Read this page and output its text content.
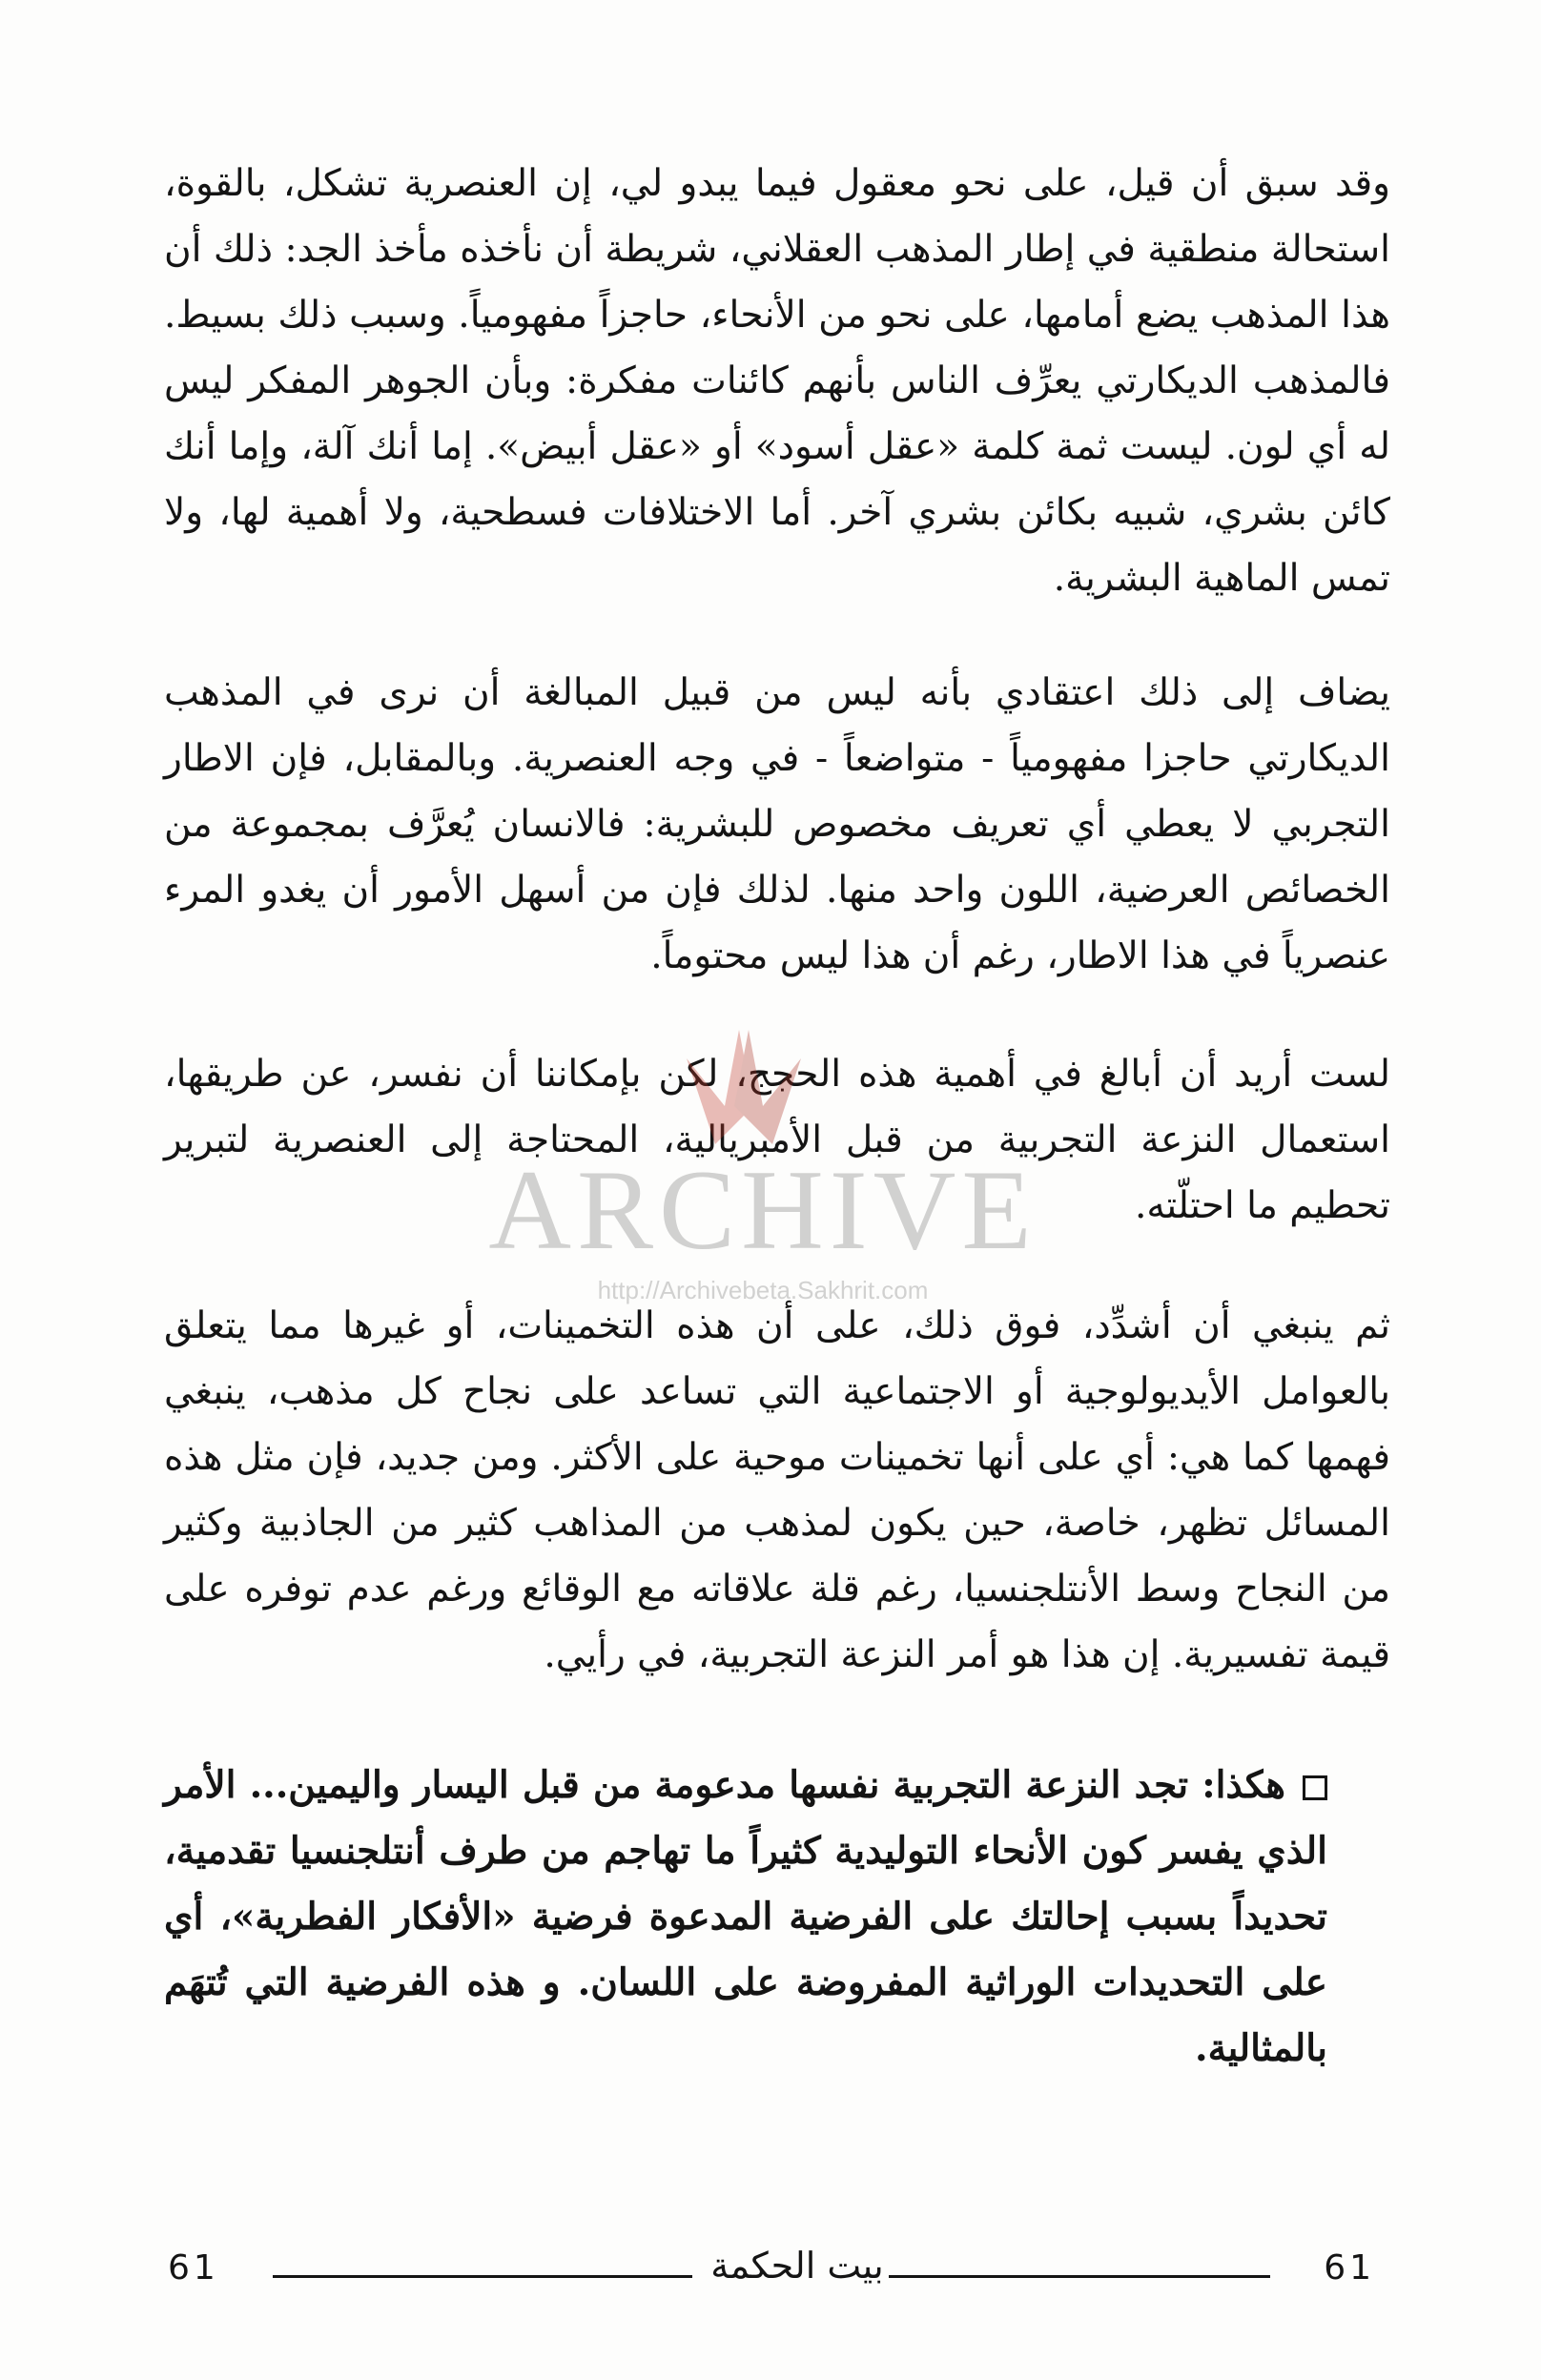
وقد سبق أن قيل، على نحو معقول فيما يبدو لي، إن العنصرية تشكل، بالقوة، استحالة منطقية في إطار المذهب العقلاني، شريطة أن نأخذه مأخذ الجد: ذلك أن هذا المذهب يضع أمامها، على نحو من الأنحاء، حاجزاً مفهومياً. وسبب ذلك بسيط. فالمذهب الديكارتي يعرِّف الناس بأنهم كائنات مفكرة: وبأن الجوهر المفكر ليس له أي لون. ليست ثمة كلمة «عقل أسود» أو «عقل أبيض». إما أنك آلة، وإما أنك كائن بشري، شبيه بكائن بشري آخر. أما الاختلافات فسطحية، ولا أهمية لها، ولا تمس الماهية البشرية.

يضاف إلى ذلك اعتقادي بأنه ليس من قبيل المبالغة أن نرى في المذهب الديكارتي حاجزا مفهومياً - متواضعاً - في وجه العنصرية. وبالمقابل، فإن الاطار التجربي لا يعطي أي تعريف مخصوص للبشرية: فالانسان يُعرَّف بمجموعة من الخصائص العرضية، اللون واحد منها. لذلك فإن من أسهل الأمور أن يغدو المرء عنصرياً في هذا الاطار، رغم أن هذا ليس محتوماً.

لست أريد أن أبالغ في أهمية هذه الحجج، لكن بإمكاننا أن نفسر، عن طريقها، استعمال النزعة التجربية من قبل الأمبريالية، المحتاجة إلى العنصرية لتبرير تحطيم ما احتلّته.

ثم ينبغي أن أشدِّد، فوق ذلك، على أن هذه التخمينات، أو غيرها مما يتعلق بالعوامل الأيديولوجية أو الاجتماعية التي تساعد على نجاح كل مذهب، ينبغي فهمها كما هي: أي على أنها تخمينات موحية على الأكثر. ومن جديد، فإن مثل هذه المسائل تظهر، خاصة، حين يكون لمذهب من المذاهب كثير من الجاذبية وكثير من النجاح وسط الأنتلجنسيا، رغم قلة علاقاته مع الوقائع ورغم عدم توفره على قيمة تفسيرية. إن هذا هو أمر النزعة التجربية، في رأيي.

هكذا: تجد النزعة التجربية نفسها مدعومة من قبل اليسار واليمين... الأمر الذي يفسر كون الأنحاء التوليدية كثيراً ما تهاجم من طرف أنتلجنسيا تقدمية، تحديداً بسبب إحالتك على الفرضية المدعوة فرضية «الأفكار الفطرية»، أي على التحديدات الوراثية المفروضة على اللسان. و هذه الفرضية التي تُتهَم بالمثالية.

ARCHIVE
http://Archivebeta.Sakhrit.com
61	بيت الحكمة	61
